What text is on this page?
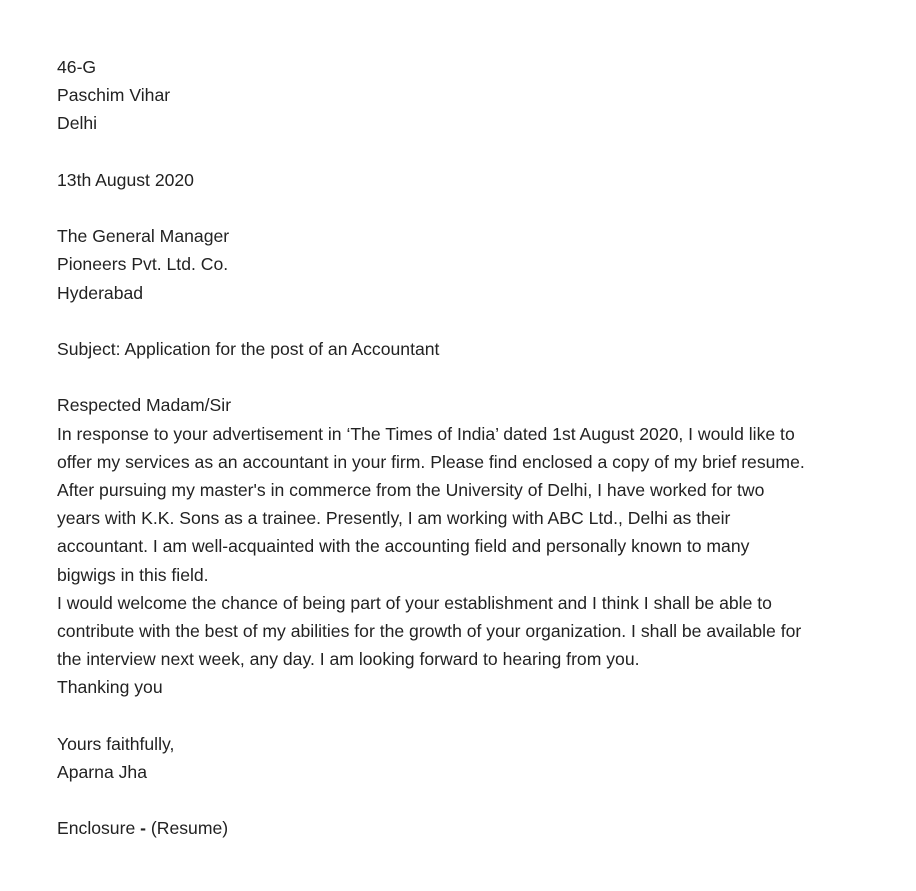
46-G
Paschim Vihar
Delhi
13th August 2020
The General Manager
Pioneers Pvt. Ltd. Co.
Hyderabad
Subject: Application for the post of an Accountant
Respected Madam/Sir
In response to your advertisement in ‘The Times of India’ dated 1st August 2020, I would like to
offer my services as an accountant in your firm. Please find enclosed a copy of my brief resume.
After pursuing my master's in commerce from the University of Delhi, I have worked for two
years with K.K. Sons as a trainee. Presently, I am working with ABC Ltd., Delhi as their
accountant. I am well-acquainted with the accounting field and personally known to many
bigwigs in this field.
I would welcome the chance of being part of your establishment and I think I shall be able to
contribute with the best of my abilities for the growth of your organization. I shall be available for
the interview next week, any day. I am looking forward to hearing from you.
Thanking you
Yours faithfully,
Aparna Jha
Enclosure - (Resume)
